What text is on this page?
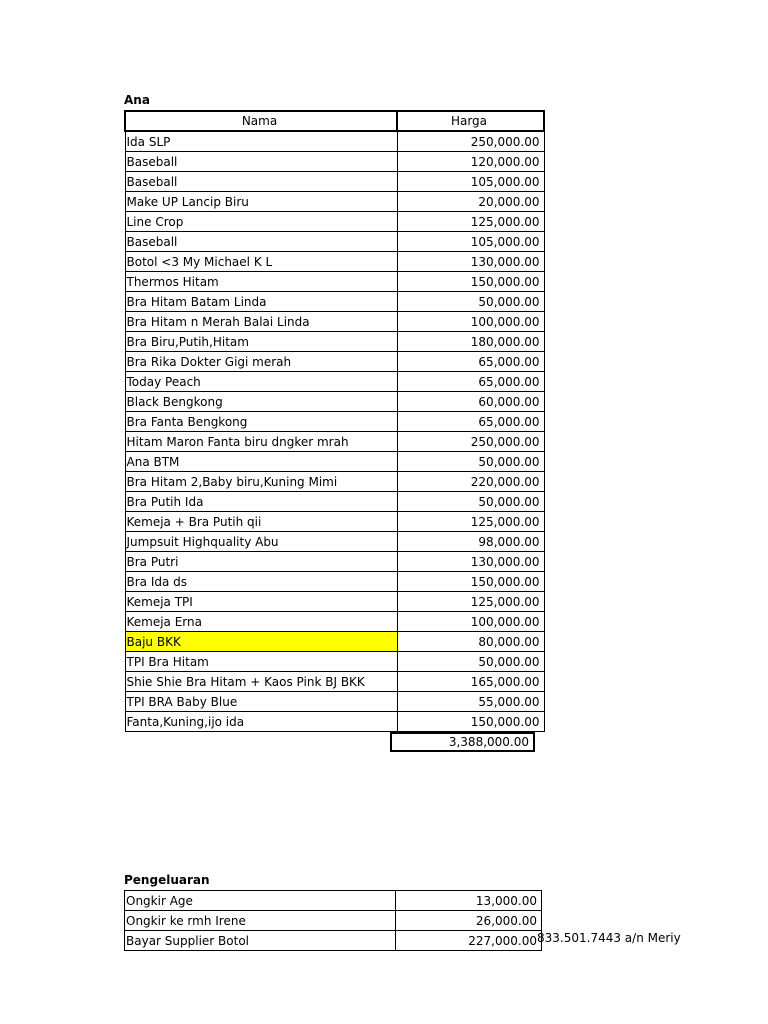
Ana
Nama	Harga
Ida SLP	250,000.00
Baseball	120,000.00
Baseball	105,000.00
Make UP Lancip Biru	20,000.00
Line Crop	125,000.00
Baseball	105,000.00
Botol <3 My Michael K L	130,000.00
Thermos Hitam	150,000.00
Bra Hitam Batam Linda	50,000.00
Bra Hitam n Merah Balai Linda	100,000.00
Bra Biru,Putih,Hitam	180,000.00
Bra Rika Dokter Gigi merah	65,000.00
Today Peach	65,000.00
Black Bengkong	60,000.00
Bra Fanta Bengkong	65,000.00
Hitam Maron Fanta biru dngker mrah	250,000.00
Ana BTM	50,000.00
Bra Hitam 2,Baby biru,Kuning Mimi	220,000.00
Bra Putih Ida	50,000.00
Kemeja + Bra Putih qii	125,000.00
Jumpsuit Highquality Abu	98,000.00
Bra Putri	130,000.00
Bra Ida ds	150,000.00
Kemeja TPI	125,000.00
Kemeja Erna	100,000.00
Baju BKK	80,000.00
TPI Bra Hitam	50,000.00
Shie Shie Bra Hitam + Kaos Pink BJ BKK	165,000.00
TPI BRA Baby Blue	55,000.00
Fanta,Kuning,ijo ida	150,000.00
3,388,000.00
Pengeluaran
Ongkir Age	13,000.00
Ongkir ke rmh Irene	26,000.00
Bayar Supplier Botol	227,000.00 833.501.7443 a/n Meriy
